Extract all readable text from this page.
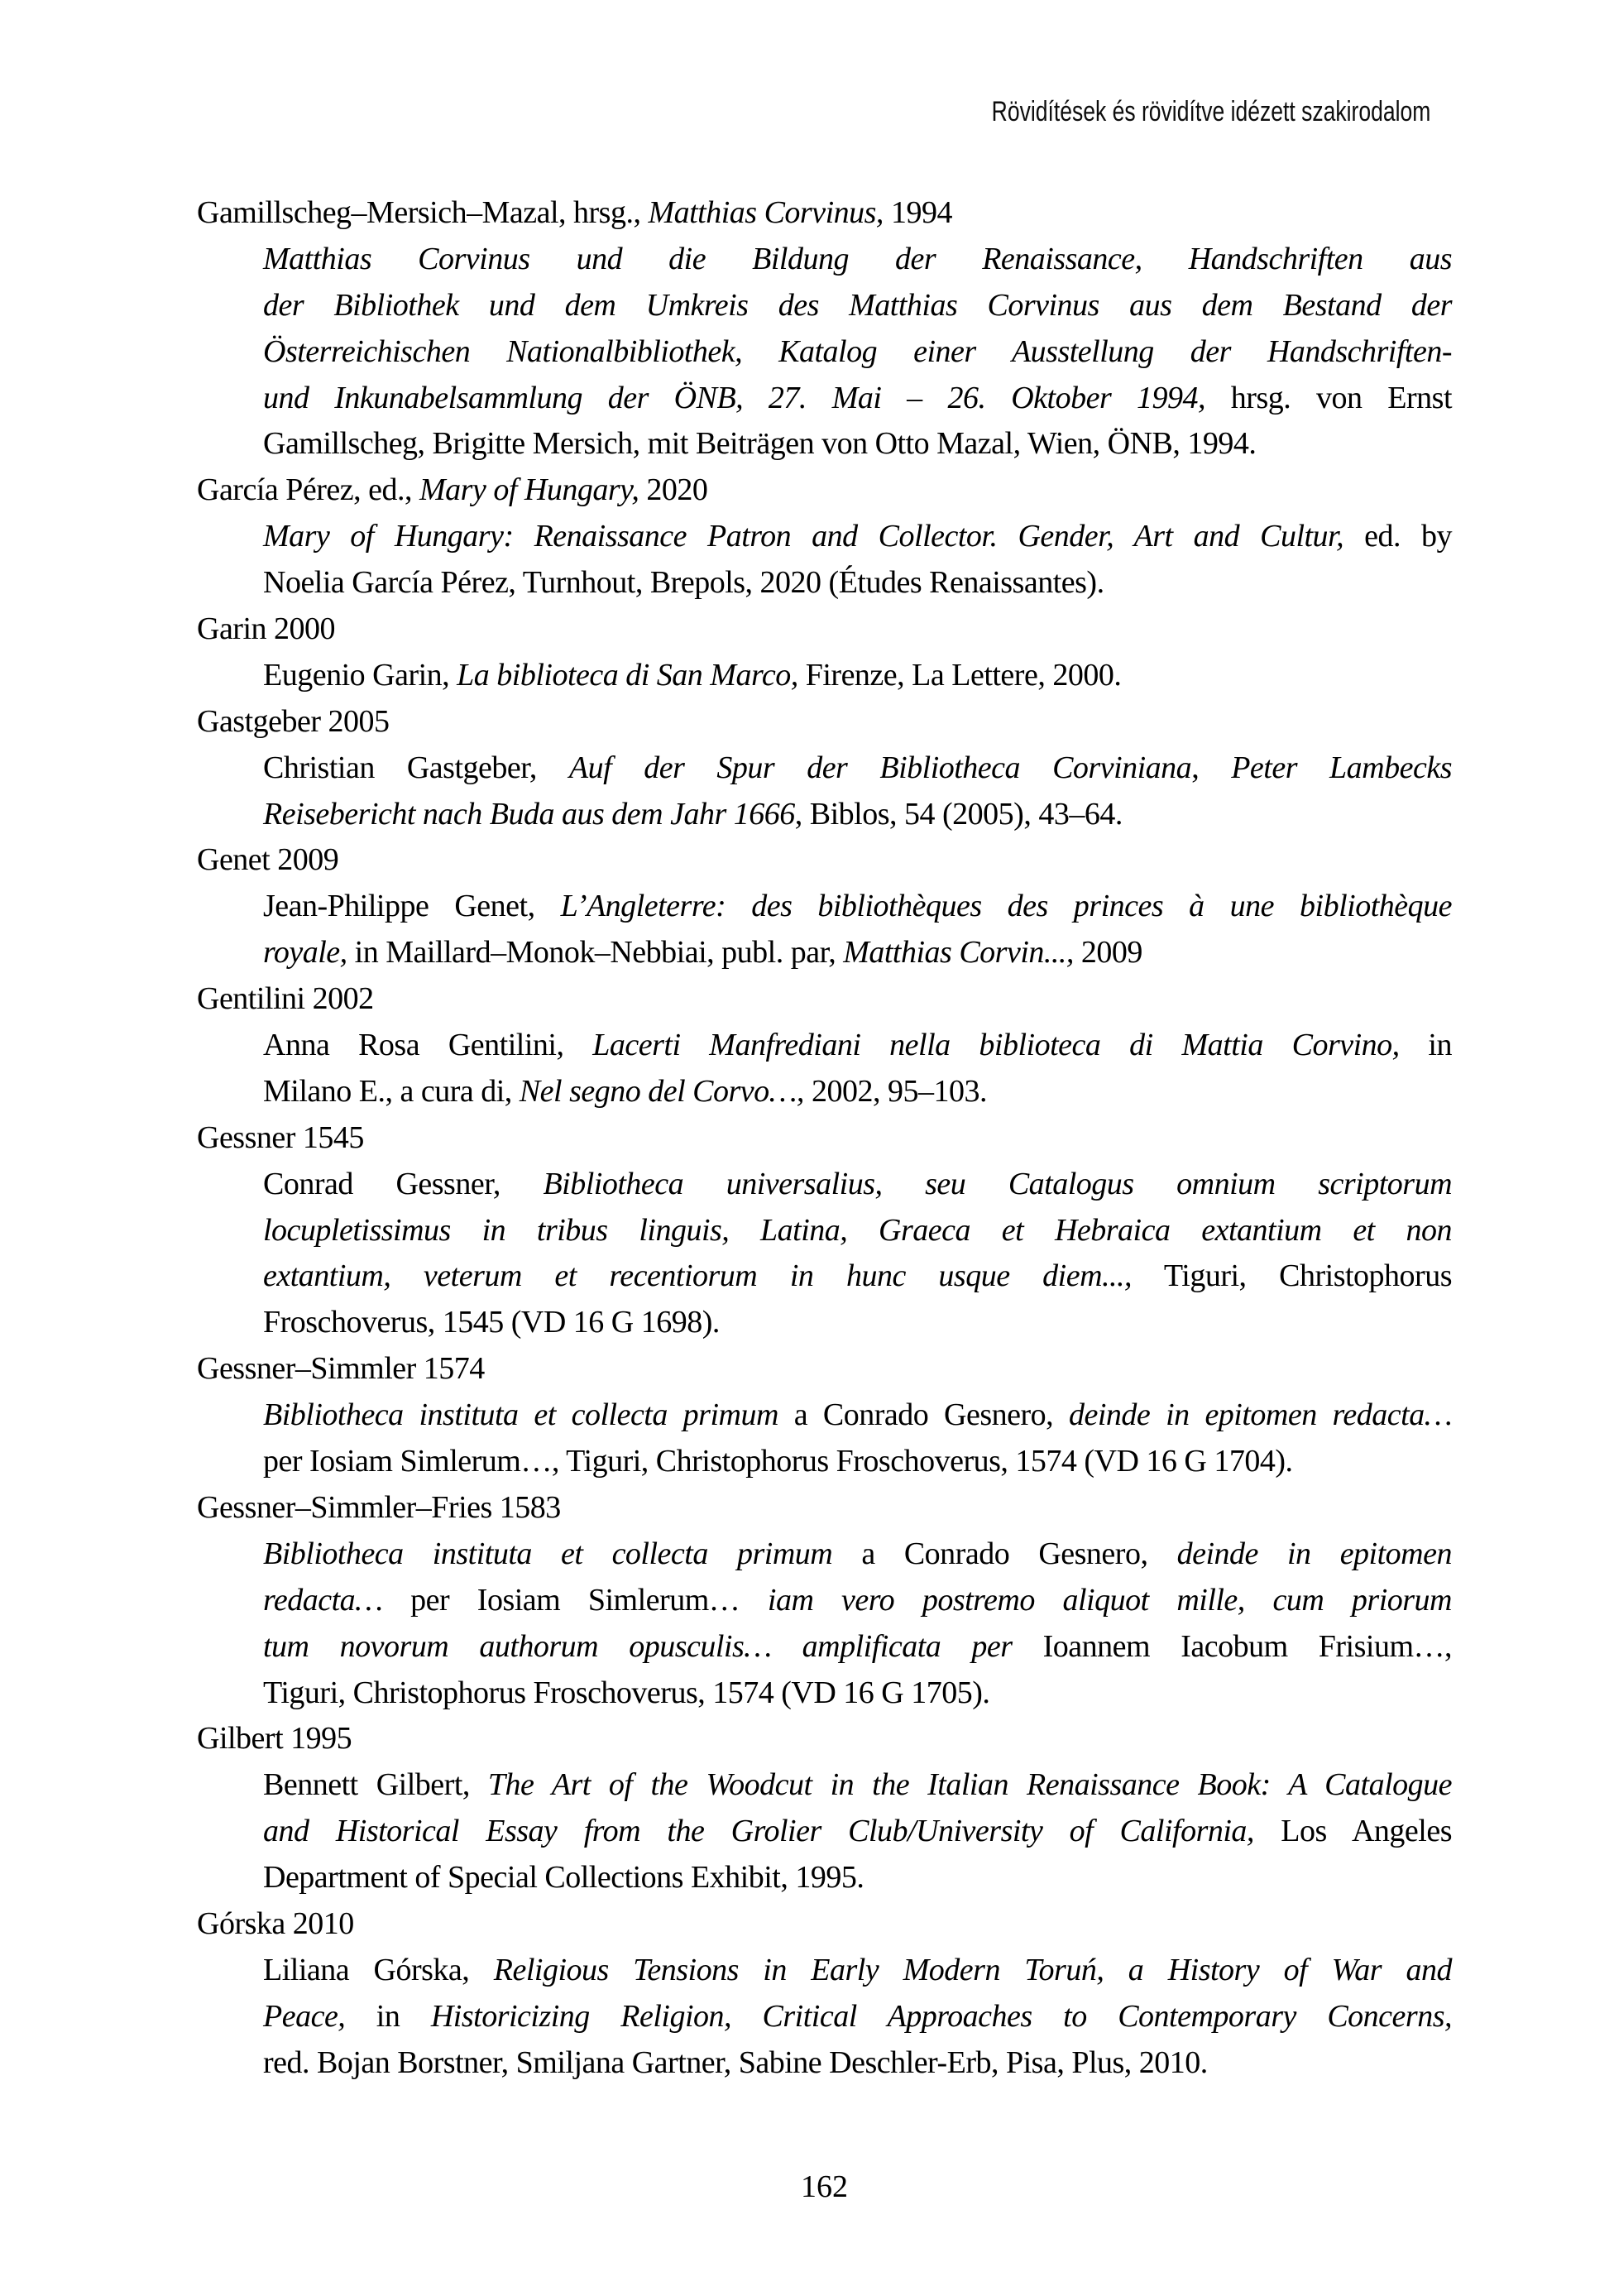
Rövidítések és rövidítve idézett szakirodalom
Gamillscheg–Mersich–Mazal, hrsg., Matthias Corvinus, 1994
Matthias Corvinus und die Bildung der Renaissance, Handschriften aus
der Bibliothek und dem Umkreis des Matthias Corvinus aus dem Bestand der
Österreichischen Nationalbibliothek, Katalog einer Ausstellung der Handschriften-
und Inkunabelsammlung der ÖNB, 27. Mai – 26. Oktober 1994, hrsg. von Ernst
Gamillscheg, Brigitte Mersich, mit Beiträgen von Otto Mazal, Wien, ÖNB, 1994.
García Pérez, ed., Mary of Hungary, 2020
Mary of Hungary: Renaissance Patron and Collector. Gender, Art and Cultur, ed. by
Noelia García Pérez, Turnhout, Brepols, 2020 (Études Renaissantes).
Garin 2000
Eugenio Garin, La biblioteca di San Marco, Firenze, La Lettere, 2000.
Gastgeber 2005
Christian Gastgeber, Auf der Spur der Bibliotheca Corviniana, Peter Lambecks
Reisebericht nach Buda aus dem Jahr 1666, Biblos, 54 (2005), 43–64.
Genet 2009
Jean-Philippe Genet, L’Angleterre: des bibliothèques des princes à une bibliothèque
royale, in Maillard–Monok–Nebbiai, publ. par, Matthias Corvin..., 2009
Gentilini 2002
Anna Rosa Gentilini, Lacerti Manfrediani nella biblioteca di Mattia Corvino, in
Milano E., a cura di, Nel segno del Corvo…, 2002, 95–103.
Gessner 1545
Conrad Gessner, Bibliotheca universalius, seu Catalogus omnium scriptorum
locupletissimus in tribus linguis, Latina, Graeca et Hebraica extantium et non
extantium, veterum et recentiorum in hunc usque diem..., Tiguri, Christophorus
Froschoverus, 1545 (VD 16 G 1698).
Gessner–Simmler 1574
Bibliotheca instituta et collecta primum a Conrado Gesnero, deinde in epitomen redacta…
per Iosiam Simlerum…, Tiguri, Christophorus Froschoverus, 1574 (VD 16 G 1704).
Gessner–Simmler–Fries 1583
Bibliotheca instituta et collecta primum a Conrado Gesnero, deinde in epitomen
redacta… per Iosiam Simlerum… iam vero postremo aliquot mille, cum priorum
tum novorum authorum opusculis… amplificata per Ioannem Iacobum Frisium…,
Tiguri, Christophorus Froschoverus, 1574 (VD 16 G 1705).
Gilbert 1995
Bennett Gilbert, The Art of the Woodcut in the Italian Renaissance Book: A Catalogue
and Historical Essay from the Grolier Club/University of California, Los Angeles
Department of Special Collections Exhibit, 1995.
Górska 2010
Liliana Górska, Religious Tensions in Early Modern Toruń, a History of War and
Peace, in Historicizing Religion, Critical Approaches to Contemporary Concerns,
red. Bojan Borstner, Smiljana Gartner, Sabine Deschler-Erb, Pisa, Plus, 2010.
162
